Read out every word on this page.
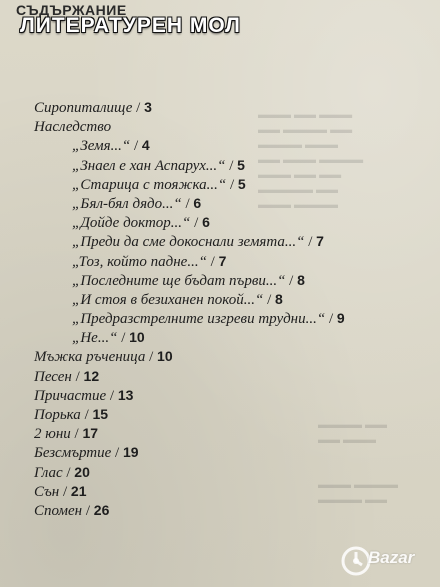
▬▬▬ ▬▬ ▬▬▬
▬▬ ▬▬▬▬ ▬▬
▬▬▬▬ ▬▬▬
▬▬ ▬▬▬ ▬▬▬▬
▬▬▬ ▬▬ ▬▬
▬▬▬▬▬ ▬▬
▬▬▬ ▬▬▬▬
▬▬▬▬ ▬▬
▬▬ ▬▬▬

▬▬▬ ▬▬▬▬
▬▬▬▬ ▬▬
СЪДЪРЖАНИЕ
ЛИТЕРАТУРЕН МОЛ
Сиропиталище / 3
Наследство
„Земя...“ / 4
„Знаел е хан Аспарух...“ / 5
„Старица с тояжка...“ / 5
„Бял-бял дядо...“ / 6
„Дойде доктор...“ / 6
„Преди да сме докоснали земята...“ / 7
„Тоз, който падне...“ / 7
„Последните ще бъдат първи...“ / 8
„И стоя в безиханен покой...“ / 8
„Предразстрелните изгреви трудни...“ / 9
„Не...“ / 10
Мъжка ръченица / 10
Песен / 12
Причастие / 13
Порька / 15
2 юни / 17
Безсмъртие / 19
Глас / 20
Сън / 21
Спомен / 26
Bazar
